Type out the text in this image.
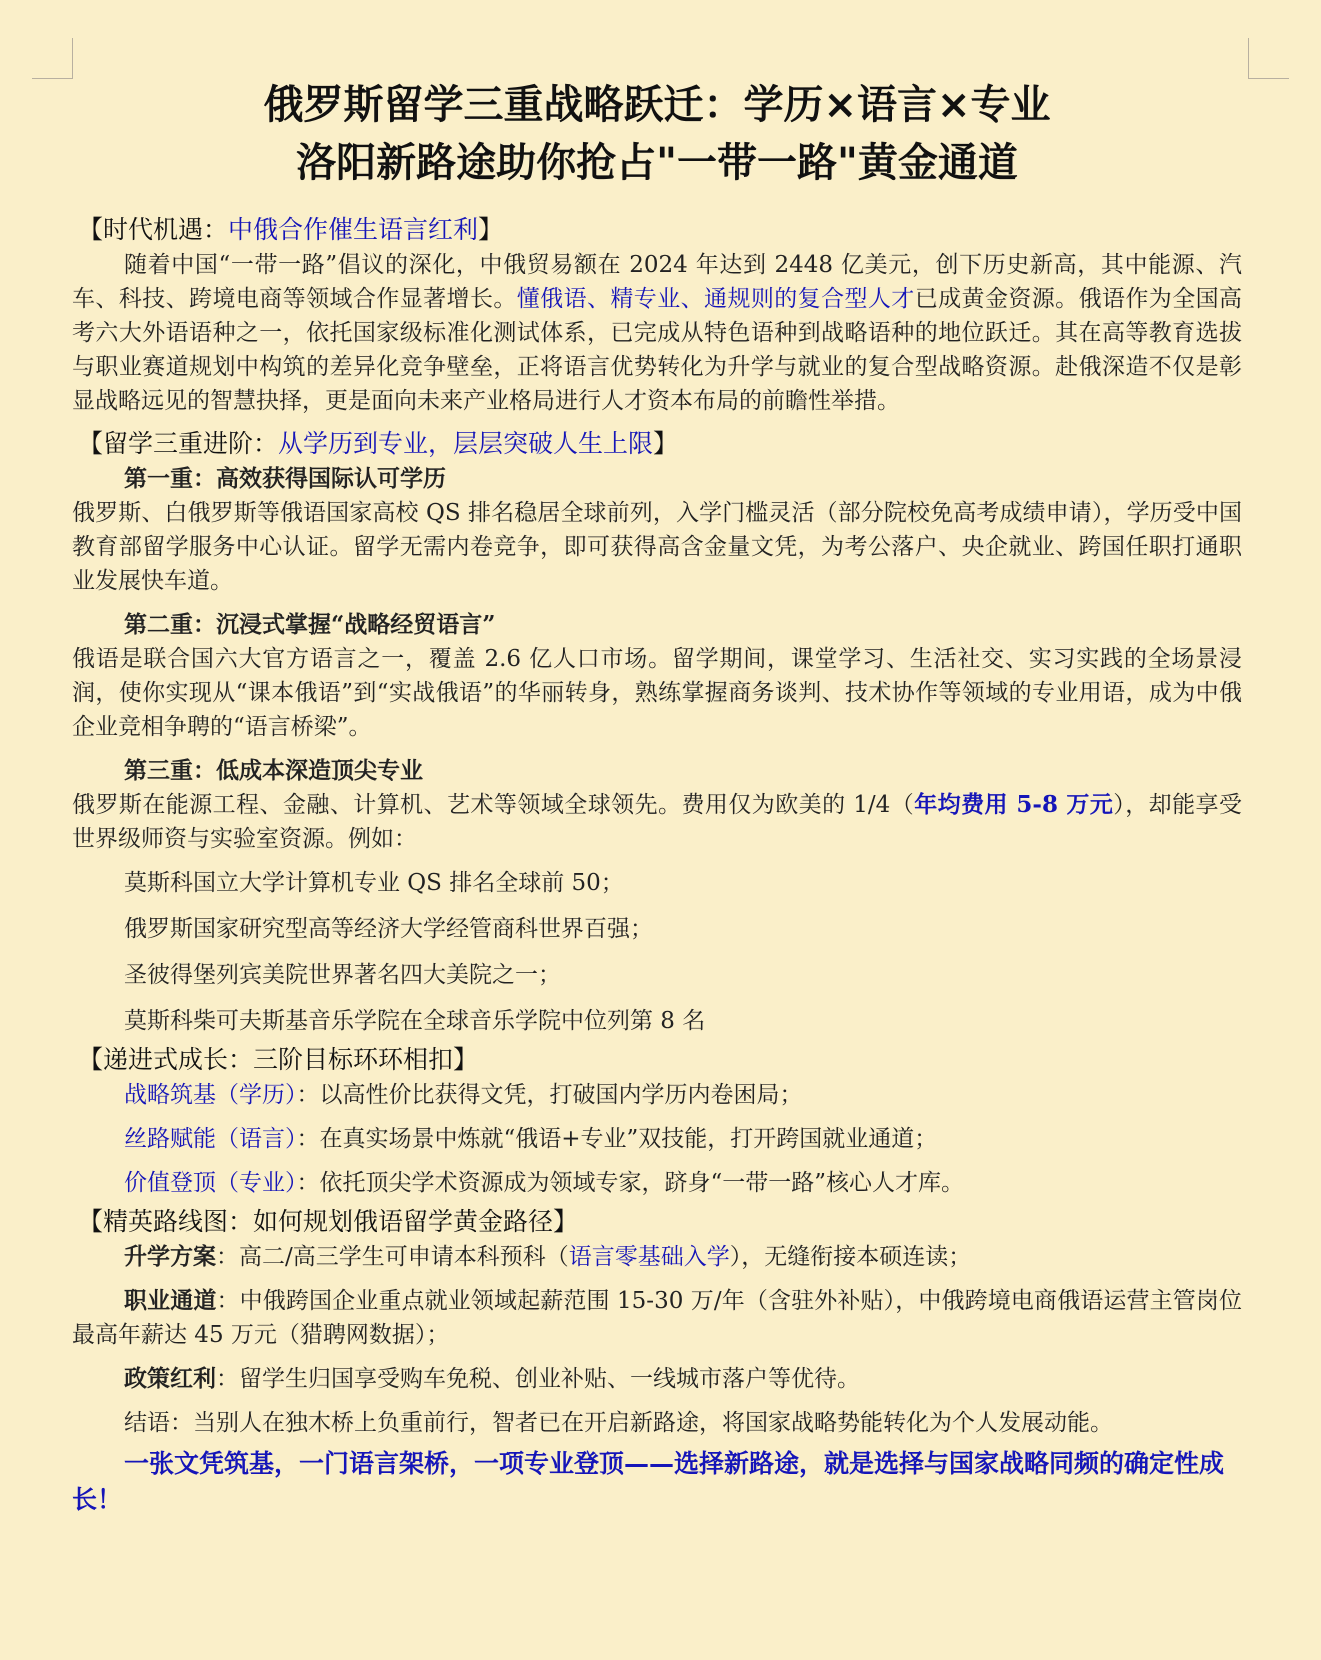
俄罗斯留学三重战略跃迁：学历×语言×专业
洛阳新路途助你抢占"一带一路"黄金通道
【时代机遇：中俄合作催生语言红利】
随着中国“一带一路”倡议的深化，中俄贸易额在 2024 年达到 2448 亿美元，创下历史新高，其中能源、汽车、科技、跨境电商等领域合作显著增长。懂俄语、精专业、通规则的复合型人才已成黄金资源。俄语作为全国高考六大外语语种之一，依托国家级标准化测试体系，已完成从特色语种到战略语种的地位跃迁。其在高等教育选拔与职业赛道规划中构筑的差异化竞争壁垒，正将语言优势转化为升学与就业的复合型战略资源。赴俄深造不仅是彰显战略远见的智慧抉择，更是面向未来产业格局进行人才资本布局的前瞻性举措。
【留学三重进阶：从学历到专业，层层突破人生上限】
第一重：高效获得国际认可学历
俄罗斯、白俄罗斯等俄语国家高校 QS 排名稳居全球前列，入学门槛灵活（部分院校免高考成绩申请），学历受中国教育部留学服务中心认证。留学无需内卷竞争，即可获得高含金量文凭，为考公落户、央企就业、跨国任职打通职业发展快车道。
第二重：沉浸式掌握“战略经贸语言”
俄语是联合国六大官方语言之一，覆盖 2.6 亿人口市场。留学期间，课堂学习、生活社交、实习实践的全场景浸润，使你实现从“课本俄语”到“实战俄语”的华丽转身，熟练掌握商务谈判、技术协作等领域的专业用语，成为中俄企业竞相争聘的“语言桥梁”。
第三重：低成本深造顶尖专业
俄罗斯在能源工程、金融、计算机、艺术等领域全球领先。费用仅为欧美的 1/4（年均费用 5-8 万元），却能享受世界级师资与实验室资源。例如：
莫斯科国立大学计算机专业 QS 排名全球前 50；
俄罗斯国家研究型高等经济大学经管商科世界百强；
圣彼得堡列宾美院世界著名四大美院之一；
莫斯科柴可夫斯基音乐学院在全球音乐学院中位列第 8 名
【递进式成长：三阶目标环环相扣】
战略筑基（学历）：以高性价比获得文凭，打破国内学历内卷困局；
丝路赋能（语言）：在真实场景中炼就“俄语+专业”双技能，打开跨国就业通道；
价值登顶（专业）：依托顶尖学术资源成为领域专家，跻身“一带一路”核心人才库。
【精英路线图：如何规划俄语留学黄金路径】
升学方案：高二/高三学生可申请本科预科（语言零基础入学），无缝衔接本硕连读；
职业通道：中俄跨国企业重点就业领域起薪范围 15-30 万/年（含驻外补贴），中俄跨境电商俄语运营主管岗位最高年薪达 45 万元（猎聘网数据）；
政策红利：留学生归国享受购车免税、创业补贴、一线城市落户等优待。
结语：当别人在独木桥上负重前行，智者已在开启新路途，将国家战略势能转化为个人发展动能。
一张文凭筑基，一门语言架桥，一项专业登顶——选择新路途，就是选择与国家战略同频的确定性成长！
